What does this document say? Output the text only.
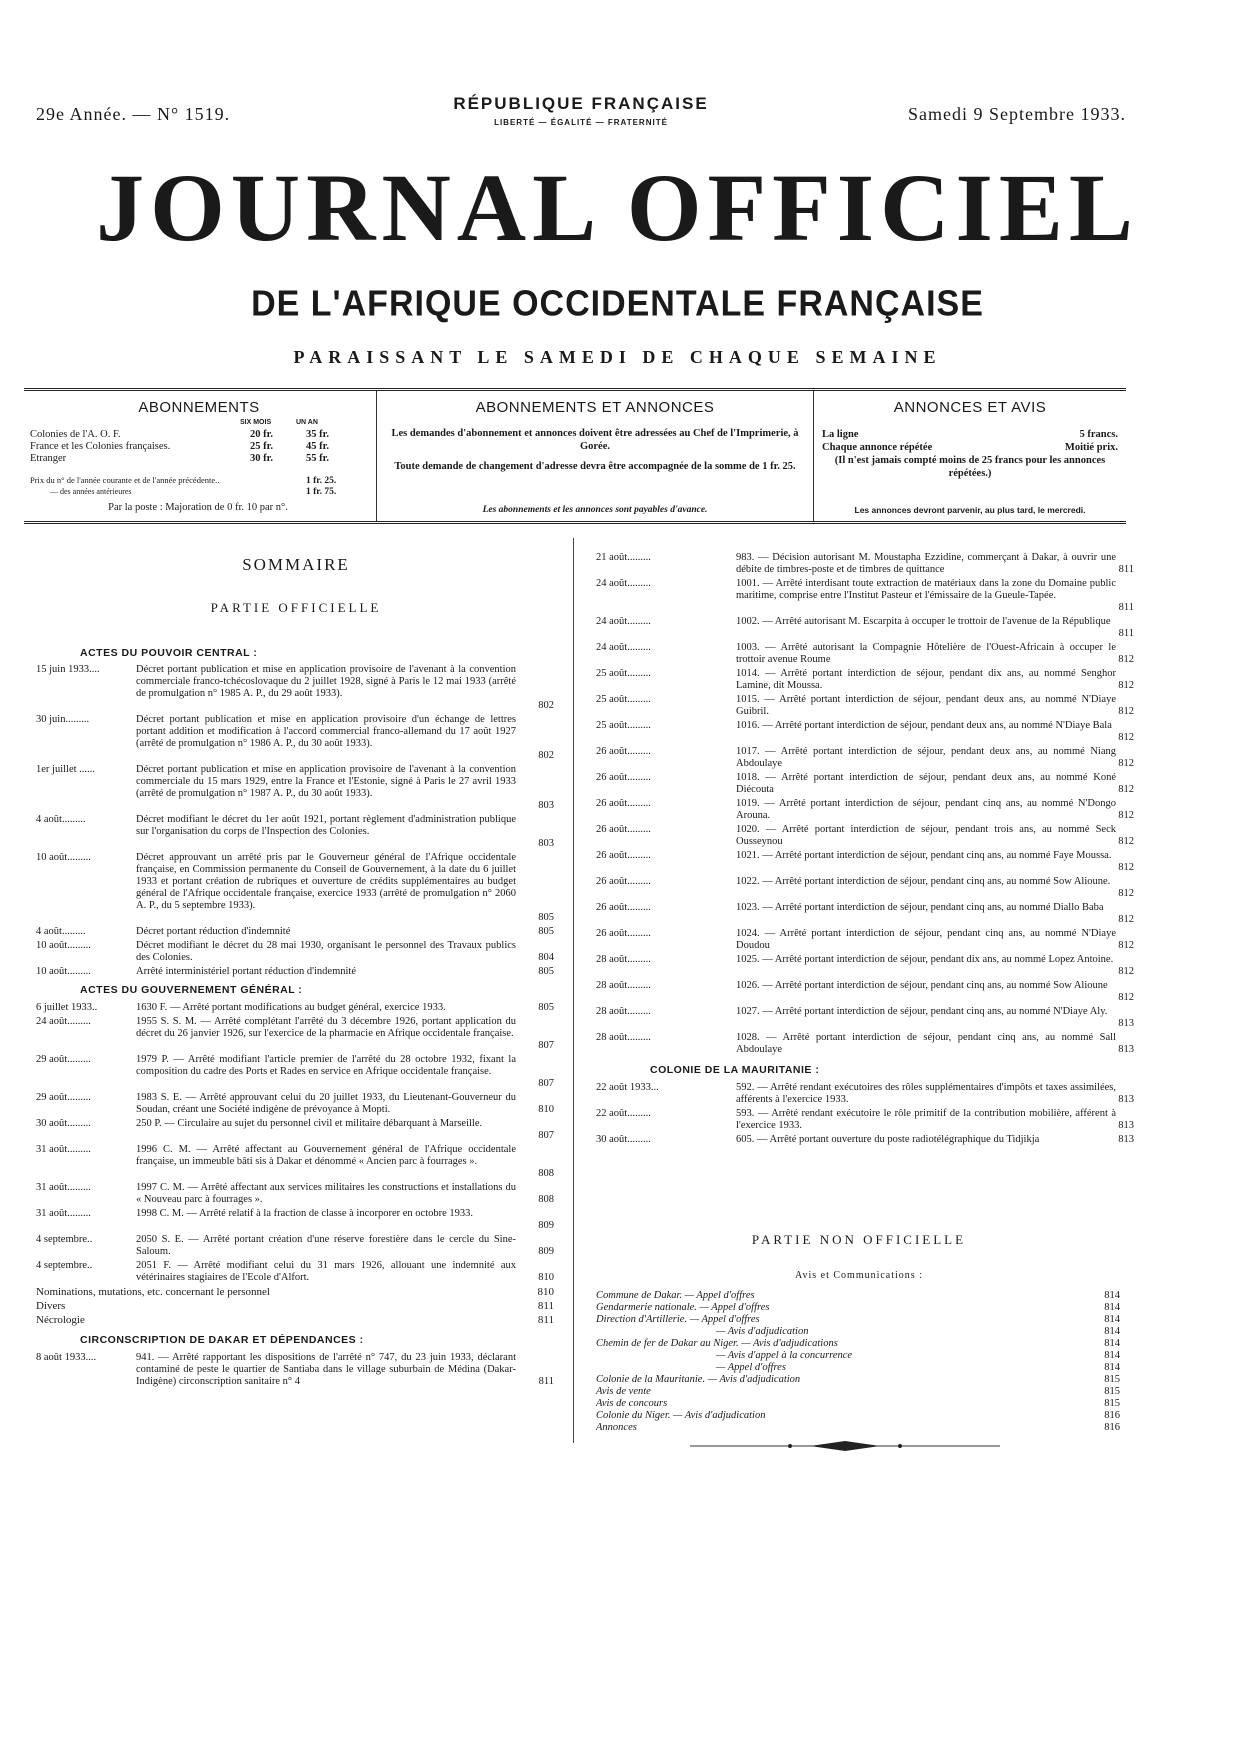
29e Année. — N° 1519.
RÉPUBLIQUE FRANÇAISE
LIBERTÉ — ÉGALITÉ — FRATERNITÉ	Samedi 9 Septembre 1933.
JOURNAL OFFICIEL
DE L'AFRIQUE OCCIDENTALE FRANÇAISE
PARAISSANT LE SAMEDI DE CHAQUE SEMAINE
ABONNEMENTS
SIX MOIS	UN AN
Colonies de l'A. O. F.	20 fr.	35 fr.
France et les Colonies françaises.	25 fr.	45 fr.
Etranger	30 fr.	55 fr.
Prix du n° de l'année courante et de l'année précédente..	1 fr. 25.
— des années antérieures	1 fr. 75.
Par la poste : Majoration de 0 fr. 10 par n°.
ABONNEMENTS ET ANNONCES
Les demandes d'abonnement et annonces doivent être adressées au Chef de l'Imprimerie, à Gorée.
Toute demande de changement d'adresse devra être accompagnée de la somme de 1 fr. 25.
Les abonnements et les annonces sont payables d'avance.
ANNONCES ET AVIS
La ligne	5 francs.
Chaque annonce répétée	Moitié prix.
(Il n'est jamais compté moins de 25 francs pour les annonces répétées.)
Les annonces devront parvenir, au plus tard, le mercredi.
SOMMAIRE
PARTIE OFFICIELLE
ACTES DU POUVOIR CENTRAL :
15 juin 1933....	Décret portant publication et mise en application provisoire de l'avenant à la convention commerciale franco-tchécoslovaque du 2 juillet 1928, signé à Paris le 12 mai 1933 (arrêté de promulgation n° 1985 A. P., du 29 août 1933).
802
30 juin.........	Décret portant publication et mise en application provisoire d'un échange de lettres portant addition et modification à l'accord commercial franco-allemand du 17 août 1927 (arrêté de promulgation n° 1986 A. P., du 30 août 1933).
802
1er juillet ......	Décret portant publication et mise en application provisoire de l'avenant à la convention commerciale du 15 mars 1929, entre la France et l'Estonie, signé à Paris le 27 avril 1933 (arrêté de promulgation n° 1987 A. P., du 30 août 1933).
803
4 août.........	Décret modifiant le décret du 1er août 1921, portant règlement d'administration publique sur l'organisation du corps de l'Inspection des Colonies.
803
10 août.........	Décret approuvant un arrêté pris par le Gouverneur général de l'Afrique occidentale française, en Commission permanente du Conseil de Gouvernement, à la date du 6 juillet 1933 et portant création de rubriques et ouverture de crédits supplémentaires au budget général de l'Afrique occidentale française, exercice 1933 (arrêté de promulgation n° 2060 A. P., du 5 septembre 1933).
805
4 août.........	Décret portant réduction d'indemnité	805
10 août.........	Décret modifiant le décret du 28 mai 1930, organisant le personnel des Travaux publics des Colonies.	804
10 août.........	Arrêté interministériel portant réduction d'indemnité	805
ACTES DU GOUVERNEMENT GÉNÉRAL :
6 juillet 1933..	1630 F. — Arrêté portant modifications au budget général, exercice 1933.	805
24 août.........	1955 S. S. M. — Arrêté complétant l'arrêté du 3 décembre 1926, portant application du décret du 26 janvier 1926, sur l'exercice de la pharmacie en Afrique occidentale française.
807
29 août.........	1979 P. — Arrêté modifiant l'article premier de l'arrêté du 28 octobre 1932, fixant la composition du cadre des Ports et Rades en service en Afrique occidentale française.
807
29 août.........	1983 S. E. — Arrêté approuvant celui du 20 juillet 1933, du Lieutenant-Gouverneur du Soudan, créant une Société indigène de prévoyance à Mopti.	810
30 août.........	250 P. — Circulaire au sujet du personnel civil et militaire débarquant à Marseille.
807
31 août.........	1996 C. M. — Arrêté affectant au Gouvernement général de l'Afrique occidentale française, un immeuble bâti sis à Dakar et dénommé « Ancien parc à fourrages ».
808
31 août.........	1997 C. M. — Arrêté affectant aux services militaires les constructions et installations du « Nouveau parc à fourrages ».	808
31 août.........	1998 C. M. — Arrêté relatif à la fraction de classe à incorporer en octobre 1933.
809
4 septembre..	2050 S. E. — Arrêté portant création d'une réserve forestière dans le cercle du Sine-Saloum.	809
4 septembre..	2051 F. — Arrêté modifiant celui du 31 mars 1926, allouant une indemnité aux vétérinaires stagiaires de l'Ecole d'Alfort.	810
Nominations, mutations, etc. concernant le personnel	810
Divers	811
Nécrologie	811
CIRCONSCRIPTION DE DAKAR ET DÉPENDANCES :
8 août 1933....	941. — Arrêté rapportant les dispositions de l'arrêté n° 747, du 23 juin 1933, déclarant contaminé de peste le quartier de Santiaba dans le village suburbain de Médina (Dakar-Indigène) circonscription sanitaire n° 4	811
21 août.........	983. — Décision autorisant M. Moustapha Ezzidine, commerçant à Dakar, à ouvrir une débite de timbres-poste et de timbres de quittance	811
24 août.........	1001. — Arrêté interdisant toute extraction de matériaux dans la zone du Domaine public maritime, comprise entre l'Institut Pasteur et l'émissaire de la Gueule-Tapée.
811
24 août.........	1002. — Arrêté autorisant M. Escarpita à occuper le trottoir de l'avenue de la République
811
24 août.........	1003. — Arrêté autorisant la Compagnie Hôtelière de l'Ouest-Africain à occuper le trottoir avenue Roume	812
25 août.........	1014. — Arrêté portant interdiction de séjour, pendant dix ans, au nommé Senghor Lamine, dit Moussa.	812
25 août.........	1015. — Arrêté portant interdiction de séjour, pendant deux ans, au nommé N'Diaye Guibril.	812
25 août.........	1016. — Arrêté portant interdiction de séjour, pendant deux ans, au nommé N'Diaye Bala
812
26 août.........	1017. — Arrêté portant interdiction de séjour, pendant deux ans, au nommé Niang Abdoulaye	812
26 août.........	1018. — Arrêté portant interdiction de séjour, pendant deux ans, au nommé Koné Diécouta	812
26 août.........	1019. — Arrêté portant interdiction de séjour, pendant cinq ans, au nommé N'Dongo Arouna.	812
26 août.........	1020. — Arrêté portant interdiction de séjour, pendant trois ans, au nommé Seck Ousseynou	812
26 août.........	1021. — Arrêté portant interdiction de séjour, pendant cinq ans, au nommé Faye Moussa.
812
26 août.........	1022. — Arrêté portant interdiction de séjour, pendant cinq ans, au nommé Sow Alioune.
812
26 août.........	1023. — Arrêté portant interdiction de séjour, pendant cinq ans, au nommé Diallo Baba
812
26 août.........	1024. — Arrêté portant interdiction de séjour, pendant cinq ans, au nommé N'Diaye Doudou	812
28 août.........	1025. — Arrêté portant interdiction de séjour, pendant dix ans, au nommé Lopez Antoine.
812
28 août.........	1026. — Arrêté portant interdiction de séjour, pendant cinq ans, au nommé Sow Alioune
812
28 août.........	1027. — Arrêté portant interdiction de séjour, pendant cinq ans, au nommé N'Diaye Aly.
813
28 août.........	1028. — Arrêté portant interdiction de séjour, pendant cinq ans, au nommé Sall Abdoulaye	813
COLONIE DE LA MAURITANIE :
22 août 1933...	592. — Arrêté rendant exécutoires des rôles supplémentaires d'impôts et taxes assimilées, afférents à l'exercice 1933.	813
22 août.........	593. — Arrêté rendant exécutoire le rôle primitif de la contribution mobilière, afférent à l'exercice 1933.	813
30 août.........	605. — Arrêté portant ouverture du poste radiotélégraphique du Tidjikja	813
PARTIE NON OFFICIELLE
Avis et Communications :
Commune de Dakar. — Appel d'offres	814
Gendarmerie nationale. — Appel d'offres	814
Direction d'Artillerie. — Appel d'offres	814
— Avis d'adjudication	814
Chemin de fer de Dakar au Niger. — Avis d'adjudications	814
— Avis d'appel à la concurrence	814
— Appel d'offres	814
Colonie de la Mauritanie. — Avis d'adjudication	815
Avis de vente	815
Avis de concours	815
Colonie du Niger. — Avis d'adjudication	816
Annonces	816
